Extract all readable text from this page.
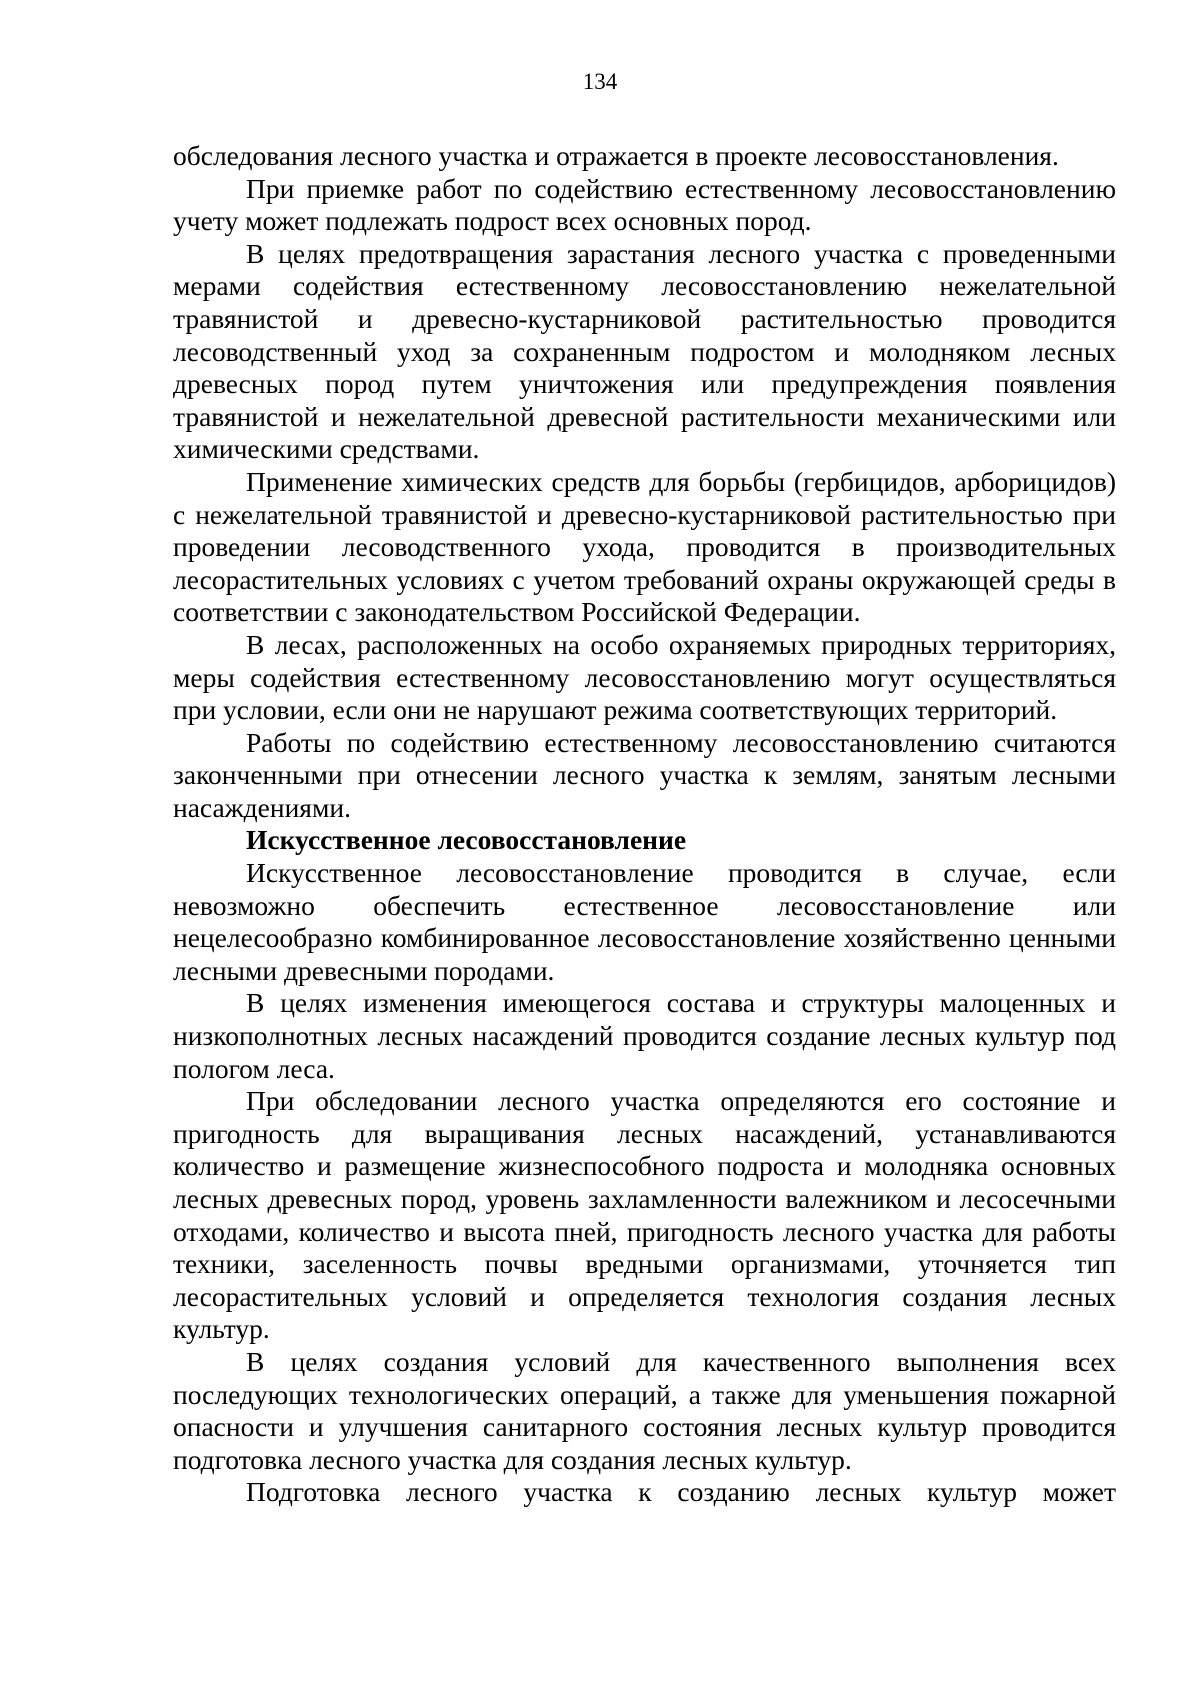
134

обследования лесного участка и отражается в проекте лесовосстановления.

При приемке работ по содействию естественному лесовосстановлению учету может подлежать подрост всех основных пород.

В целях предотвращения зарастания лесного участка с проведенными мерами содействия естественному лесовосстановлению нежелательной травянистой и древесно-кустарниковой растительностью проводится лесоводственный уход за сохраненным подростом и молодняком лесных древесных пород путем уничтожения или предупреждения появления травянистой и нежелательной древесной растительности механическими или химическими средствами.

Применение химических средств для борьбы (гербицидов, арборицидов) с нежелательной травянистой и древесно-кустарниковой растительностью при проведении лесоводственного ухода, проводится в производительных лесорастительных условиях с учетом требований охраны окружающей среды в соответствии с законодательством Российской Федерации.

В лесах, расположенных на особо охраняемых природных территориях, меры содействия естественному лесовосстановлению могут осуществляться при условии, если они не нарушают режима соответствующих территорий.

Работы по содействию естественному лесовосстановлению считаются законченными при отнесении лесного участка к землям, занятым лесными насаждениями.

Искусственное лесовосстановление

Искусственное лесовосстановление проводится в случае, если невозможно обеспечить естественное лесовосстановление или нецелесообразно комбинированное лесовосстановление хозяйственно ценными лесными древесными породами.

В целях изменения имеющегося состава и структуры малоценных и низкополнотных лесных насаждений проводится создание лесных культур под пологом леса.

При обследовании лесного участка определяются его состояние и пригодность для выращивания лесных насаждений, устанавливаются количество и размещение жизнеспособного подроста и молодняка основных лесных древесных пород, уровень захламленности валежником и лесосечными отходами, количество и высота пней, пригодность лесного участка для работы техники, заселенность почвы вредными организмами, уточняется тип лесорастительных условий и определяется технология создания лесных культур.

В целях создания условий для качественного выполнения всех последующих технологических операций, а также для уменьшения пожарной опасности и улучшения санитарного состояния лесных культур проводится подготовка лесного участка для создания лесных культур.

Подготовка лесного участка к созданию лесных культур может
